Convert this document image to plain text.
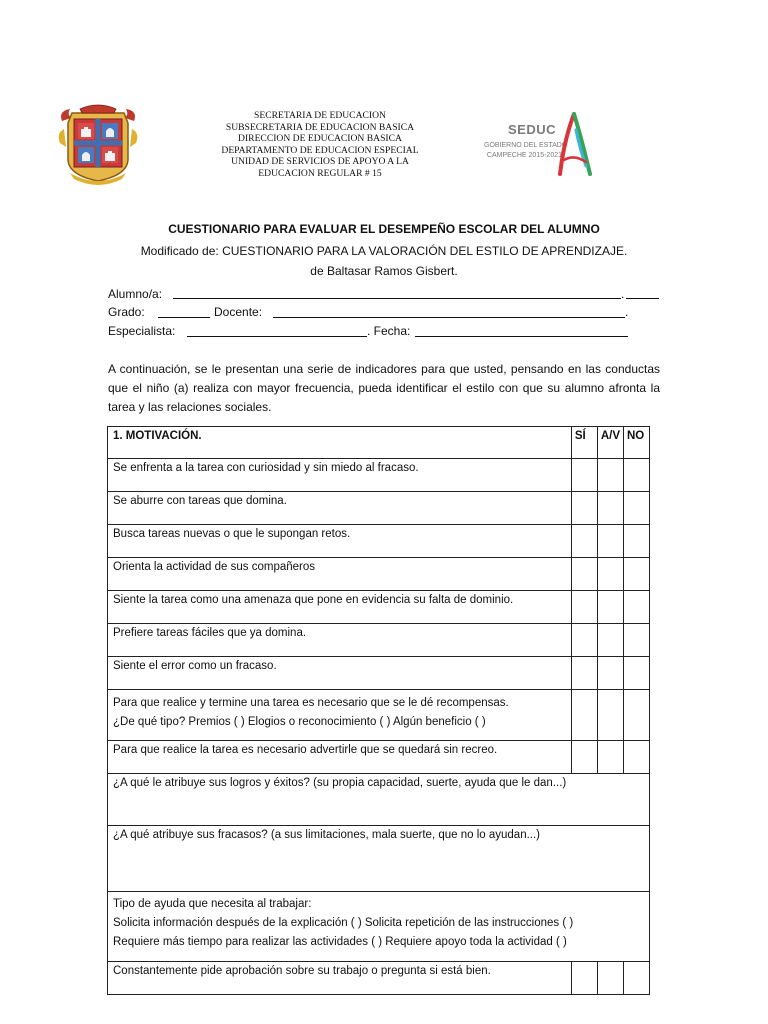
SECRETARIA DE EDUCACION
SUBSECRETARIA DE EDUCACION BASICA
DIRECCION DE EDUCACION BASICA
DEPARTAMENTO DE EDUCACION ESPECIAL
UNIDAD DE SERVICIOS DE APOYO A LA
EDUCACION REGULAR # 15
SEDUC
GOBIERNO DEL ESTADO
CAMPECHE 2015-2021
CUESTIONARIO PARA EVALUAR EL DESEMPEÑO ESCOLAR DEL ALUMNO
Modificado de: CUESTIONARIO PARA LA VALORACIÓN DEL ESTILO DE APRENDIZAJE.
de Baltasar Ramos Gisbert.
Alumno/a:	.
Grado:	Docente:	.
Especialista:	. Fecha:
A continuación, se le presentan una serie de indicadores para que usted, pensando en las conductas que el niño (a) realiza con mayor frecuencia, pueda identificar el estilo con que su alumno afronta la tarea y las relaciones sociales.
1. MOTIVACIÓN.	SÍ	A/V	NO
Se enfrenta a la tarea con curiosidad y sin miedo al fracaso.			
Se aburre con tareas que domina.			
Busca tareas nuevas o que le supongan retos.			
Orienta la actividad de sus compañeros			
Siente la tarea como una amenaza que pone en evidencia su falta de dominio.			
Prefiere tareas fáciles que ya domina.			
Siente el error como un fracaso.			

Para que realice y termine una tarea es necesario que se le dé recompensas.
¿De qué tipo? Premios ( ) Elogios o reconocimiento ( ) Algún beneficio ( )			

Para que realice la tarea es necesario advertirle que se quedará sin recreo.			
¿A qué le atribuye sus logros y éxitos? (su propia capacidad, suerte, ayuda que le dan...)			
¿A qué atribuye sus fracasos? (a sus limitaciones, mala suerte, que no lo ayudan...)			

Tipo de ayuda que necesita al trabajar:
Solicita información después de la explicación ( ) Solicita repetición de las instrucciones ( )
Requiere más tiempo para realizar las actividades ( ) Requiere apoyo toda la actividad ( )			

Constantemente pide aprobación sobre su trabajo o pregunta si está bien.			
